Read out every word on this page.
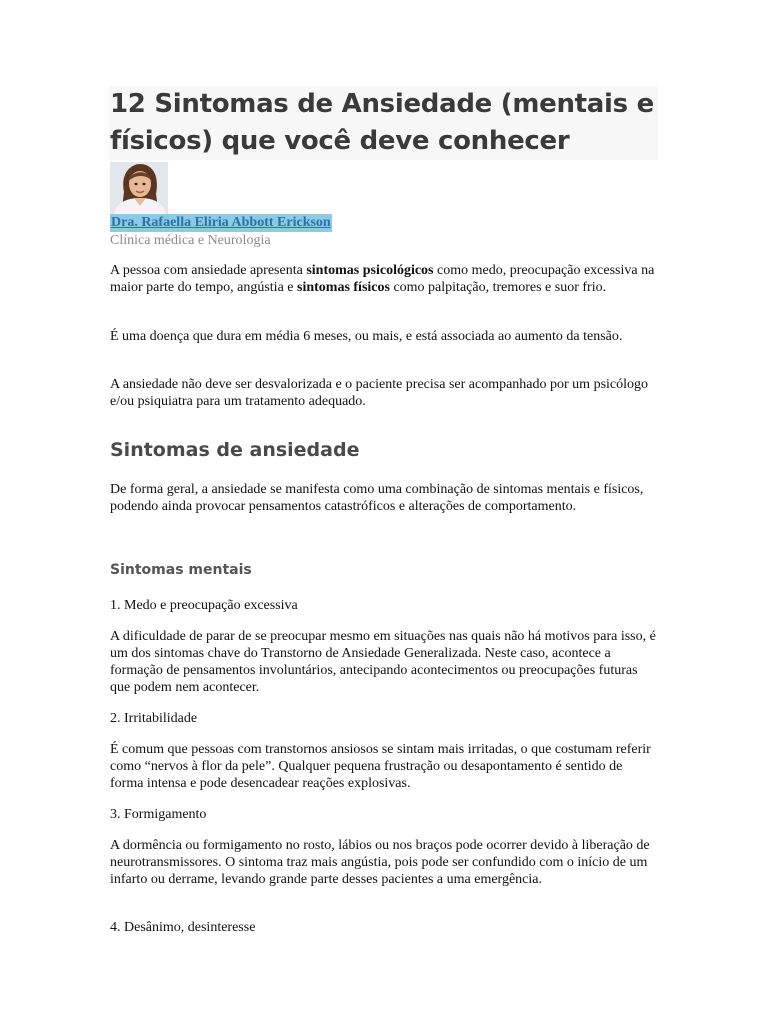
12 Sintomas de Ansiedade (mentais e físicos) que você deve conhecer

Dra. Rafaella Eliria Abbott Erickson

Clínica médica e Neurologia

A pessoa com ansiedade apresenta sintomas psicológicos como medo, preocupação excessiva na maior parte do tempo, angústia e sintomas físicos como palpitação, tremores e suor frio.

É uma doença que dura em média 6 meses, ou mais, e está associada ao aumento da tensão.

A ansiedade não deve ser desvalorizada e o paciente precisa ser acompanhado por um psicólogo e/ou psiquiatra para um tratamento adequado.

Sintomas de ansiedade

De forma geral, a ansiedade se manifesta como uma combinação de sintomas mentais e físicos, podendo ainda provocar pensamentos catastróficos e alterações de comportamento.

Sintomas mentais

1. Medo e preocupação excessiva

A dificuldade de parar de se preocupar mesmo em situações nas quais não há motivos para isso, é um dos sintomas chave do Transtorno de Ansiedade Generalizada. Neste caso, acontece a formação de pensamentos involuntários, antecipando acontecimentos ou preocupações futuras que podem nem acontecer.

2. Irritabilidade

É comum que pessoas com transtornos ansiosos se sintam mais irritadas, o que costumam referir como “nervos à flor da pele”. Qualquer pequena frustração ou desapontamento é sentido de forma intensa e pode desencadear reações explosivas.

3. Formigamento

A dormência ou formigamento no rosto, lábios ou nos braços pode ocorrer devido à liberação de neurotransmissores. O sintoma traz mais angústia, pois pode ser confundido com o início de um infarto ou derrame, levando grande parte desses pacientes a uma emergência.

4. Desânimo, desinteresse
